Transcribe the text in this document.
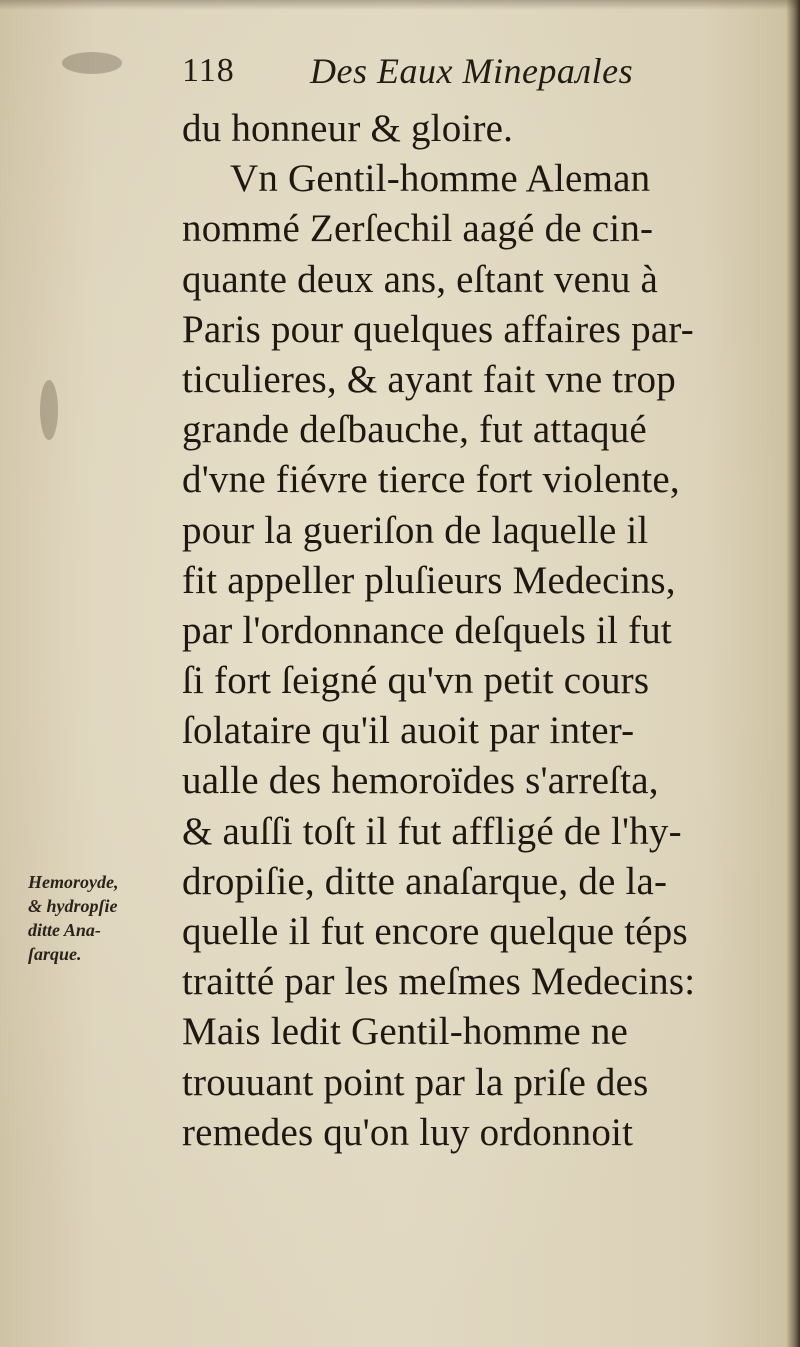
118 Des Eaux Minералles
du honneur & gloire.
Vn Gentil-homme Aleman
nommé Zerſechil aagé de cin-
quante deux ans, eſtant venu à
Paris pour quelques affaires par-
ticulieres, & ayant fait vne trop
grande deſbauche, fut attaqué
d'vne fiévre tierce fort violente,
pour la gueriſon de laquelle il
fit appeller pluſieurs Medecins,
par l'ordonnance deſquels il fut
ſi fort ſeigné qu'vn petit cours
ſolataire qu'il auoit par inter-
ualle des hemoroïdes s'arreſta,
& auſſi toſt il fut affligé de l'hy-
dropiſie, ditte anaſarque, de la-
quelle il fut encore quelque téps
traitté par les meſmes Medecins:
Mais ledit Gentil-homme ne
trouuant point par la priſe des
remedes qu'on luy ordonnoit
Hemoroyde,
& hydropſie
ditte Ana-
ſarque.
